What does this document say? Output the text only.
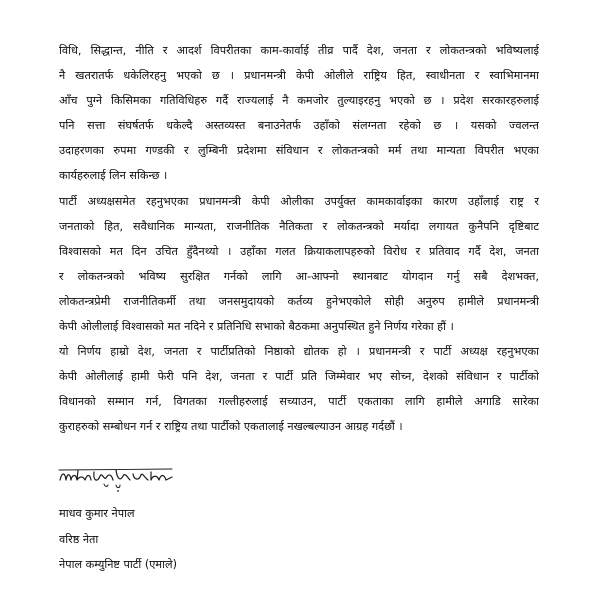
विधि, सिद्धान्त, नीति र आदर्श विपरीतका काम-कार्वाई तीव्र पार्दै देश, जनता र लोकतन्त्रको भविष्यलाई
नै खतरातर्फ धकेलिरहनु भएको छ । प्रधानमन्त्री केपी ओलीले राष्ट्रिय हित, स्वाधीनता र स्वाभिमानमा
आँच पुग्ने किसिमका गतिविधिहरु गर्दै राज्यलाई नै कमजोर तुल्याइरहनु भएको छ । प्रदेश सरकारहरुलाई
पनि सत्ता संघर्षतर्फ धकेल्दै अस्तव्यस्त बनाउनेतर्फ उहाँको संलग्नता रहेको छ । यसको ज्वलन्त
उदाहरणका रुपमा गण्डकी र लुम्बिनी प्रदेशमा संविधान र लोकतन्त्रको मर्म तथा मान्यता विपरीत भएका
कार्यहरुलाई लिन सकिन्छ ।
पार्टी अध्यक्षसमेत रहनुभएका प्रधानमन्त्री केपी ओलीका उपर्युक्त कामकार्वाइका कारण उहाँलाई राष्ट्र र
जनताको हित, सवैधानिक मान्यता, राजनीतिक नैतिकता र लोकतन्त्रको मर्यादा लगायत कुनैपनि दृष्टिबाट
विश्वासको मत दिन उचित हुँदैनथ्यो । उहाँका गलत क्रियाकलापहरुको विरोध र प्रतिवाद गर्दै देश, जनता
र लोकतन्त्रको भविष्य सुरक्षित गर्नको लागि आ-आफ्नो स्थानबाट योगदान गर्नु सबै देशभक्त,
लोकतन्त्रप्रेमी राजनीतिकर्मी तथा जनसमुदायको कर्तव्य हुनेभएकोले सोही अनुरुप हामीले प्रधानमन्त्री
केपी ओलीलाई विश्वासको मत नदिने र प्रतिनिधि सभाको बैठकमा अनुपस्थित हुने निर्णय गरेका हौं ।
यो निर्णय हाम्रो देश, जनता र पार्टीप्रतिको निष्ठाको द्योतक हो । प्रधानमन्त्री र पार्टी अध्यक्ष रहनुभएका
केपी ओलीलाई हामी फेरी पनि देश, जनता र पार्टी प्रति जिम्मेवार भए सोच्न, देशको संविधान र पार्टीको
विधानको सम्मान गर्न, विगतका गल्तीहरुलाई सच्याउन, पार्टी एकताका लागि हामीले अगाडि सारेका
कुराहरुको सम्बोधन गर्न र राष्ट्रिय तथा पार्टीको एकतालाई नखल्बल्याउन आग्रह गर्दछौं ।
माधव कुमार नेपाल
वरिष्ठ नेता
नेपाल कम्युनिष्ट पार्टी (एमाले)
